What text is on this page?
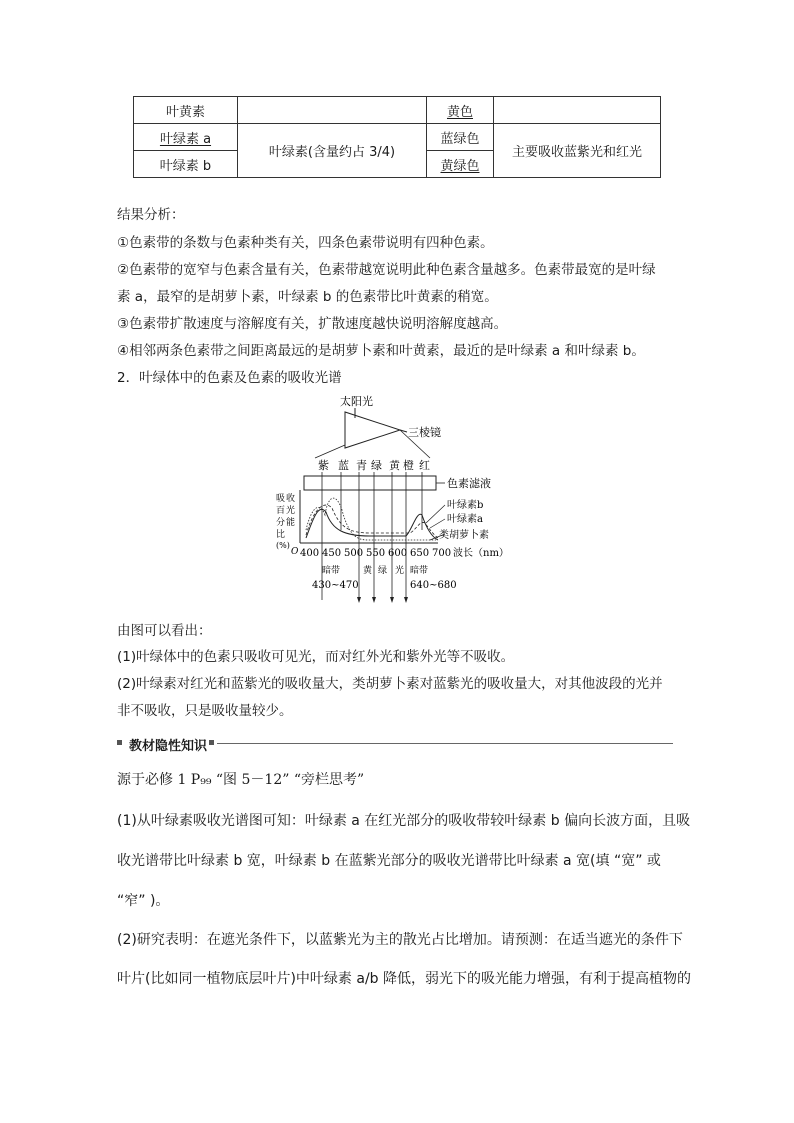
叶黄素		黄色	
叶绿素 a	叶绿素(含量约占 3/4)	蓝绿色	主要吸收蓝紫光和红光
叶绿素 b		黄绿色	
结果分析：
①色素带的条数与色素种类有关，四条色素带说明有四种色素。
②色素带的宽窄与色素含量有关，色素带越宽说明此种色素含量越多。色素带最宽的是叶绿
素 a，最窄的是胡萝卜素，叶绿素 b 的色素带比叶黄素的稍宽。
③色素带扩散速度与溶解度有关，扩散速度越快说明溶解度越高。
④相邻两条色素带之间距离最远的是胡萝卜素和叶黄素，最近的是叶绿素 a 和叶绿素 b。
2．叶绿体中的色素及色素的吸收光谱
太阳光
三棱镜
紫 蓝 青 绿 黄 橙 红
色素滤液
吸 收
百 光
分 能
比
(%)
O
叶绿素b
叶绿素a
类胡萝卜素
400 450 500 550 600 650 700 波长（nm）
暗带
430~470
黄 绿 光 暗带
640~680
由图可以看出：
(1)叶绿体中的色素只吸收可见光，而对红外光和紫外光等不吸收。
(2)叶绿素对红光和蓝紫光的吸收量大，类胡萝卜素对蓝紫光的吸收量大，对其他波段的光并
非不吸收，只是吸收量较少。
教材隐性知识
源于必修 1 P₉₉ “图 5－12” “旁栏思考”
(1)从叶绿素吸收光谱图可知：叶绿素 a 在红光部分的吸收带较叶绿素 b 偏向长波方面，且吸
收光谱带比叶绿素 b 宽，叶绿素 b 在蓝紫光部分的吸收光谱带比叶绿素 a 宽(填 “宽” 或
“窄” )。
(2)研究表明：在遮光条件下，以蓝紫光为主的散光占比增加。请预测：在适当遮光的条件下
叶片(比如同一植物底层叶片)中叶绿素 a/b 降低，弱光下的吸光能力增强，有利于提高植物的
